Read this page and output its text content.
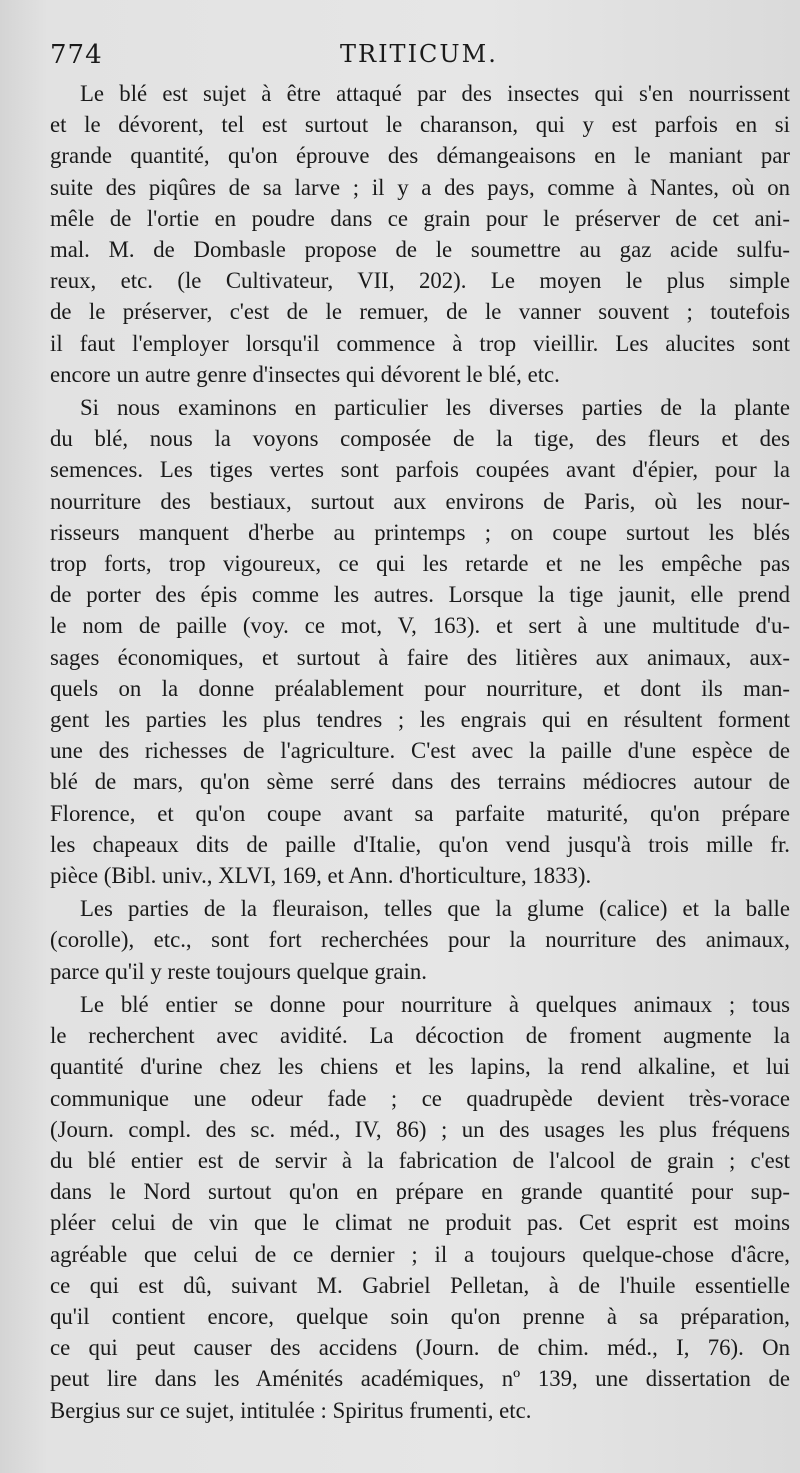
774	TRITICUM.
Le blé est sujet à être attaqué par des insectes qui s'en nourrissent
et le dévorent, tel est surtout le charanson, qui y est parfois en si
grande quantité, qu'on éprouve des démangeaisons en le maniant par
suite des piqûres de sa larve ; il y a des pays, comme à Nantes, où on
mêle de l'ortie en poudre dans ce grain pour le préserver de cet ani-
mal. M. de Dombasle propose de le soumettre au gaz acide sulfu-
reux, etc. (le Cultivateur, VII, 202). Le moyen le plus simple
de le préserver, c'est de le remuer, de le vanner souvent ; toutefois
il faut l'employer lorsqu'il commence à trop vieillir. Les alucites sont
encore un autre genre d'insectes qui dévorent le blé, etc.
Si nous examinons en particulier les diverses parties de la plante
du blé, nous la voyons composée de la tige, des fleurs et des
semences. Les tiges vertes sont parfois coupées avant d'épier, pour la
nourriture des bestiaux, surtout aux environs de Paris, où les nour-
risseurs manquent d'herbe au printemps ; on coupe surtout les blés
trop forts, trop vigoureux, ce qui les retarde et ne les empêche pas
de porter des épis comme les autres. Lorsque la tige jaunit, elle prend
le nom de paille (voy. ce mot, V, 163). et sert à une multitude d'u-
sages économiques, et surtout à faire des litières aux animaux, aux-
quels on la donne préalablement pour nourriture, et dont ils man-
gent les parties les plus tendres ; les engrais qui en résultent forment
une des richesses de l'agriculture. C'est avec la paille d'une espèce de
blé de mars, qu'on sème serré dans des terrains médiocres autour de
Florence, et qu'on coupe avant sa parfaite maturité, qu'on prépare
les chapeaux dits de paille d'Italie, qu'on vend jusqu'à trois mille fr.
pièce (Bibl. univ., XLVI, 169, et Ann. d'horticulture, 1833).
Les parties de la fleuraison, telles que la glume (calice) et la balle
(corolle), etc., sont fort recherchées pour la nourriture des animaux,
parce qu'il y reste toujours quelque grain.
Le blé entier se donne pour nourriture à quelques animaux ; tous
le recherchent avec avidité. La décoction de froment augmente la
quantité d'urine chez les chiens et les lapins, la rend alkaline, et lui
communique une odeur fade ; ce quadrupède devient très-vorace
(Journ. compl. des sc. méd., IV, 86) ; un des usages les plus fréquens
du blé entier est de servir à la fabrication de l'alcool de grain ; c'est
dans le Nord surtout qu'on en prépare en grande quantité pour sup-
pléer celui de vin que le climat ne produit pas. Cet esprit est moins
agréable que celui de ce dernier ; il a toujours quelque-chose d'âcre,
ce qui est dû, suivant M. Gabriel Pelletan, à de l'huile essentielle
qu'il contient encore, quelque soin qu'on prenne à sa préparation,
ce qui peut causer des accidens (Journ. de chim. méd., I, 76). On
peut lire dans les Aménités académiques, nº 139, une dissertation de
Bergius sur ce sujet, intitulée : Spiritus frumenti, etc.
